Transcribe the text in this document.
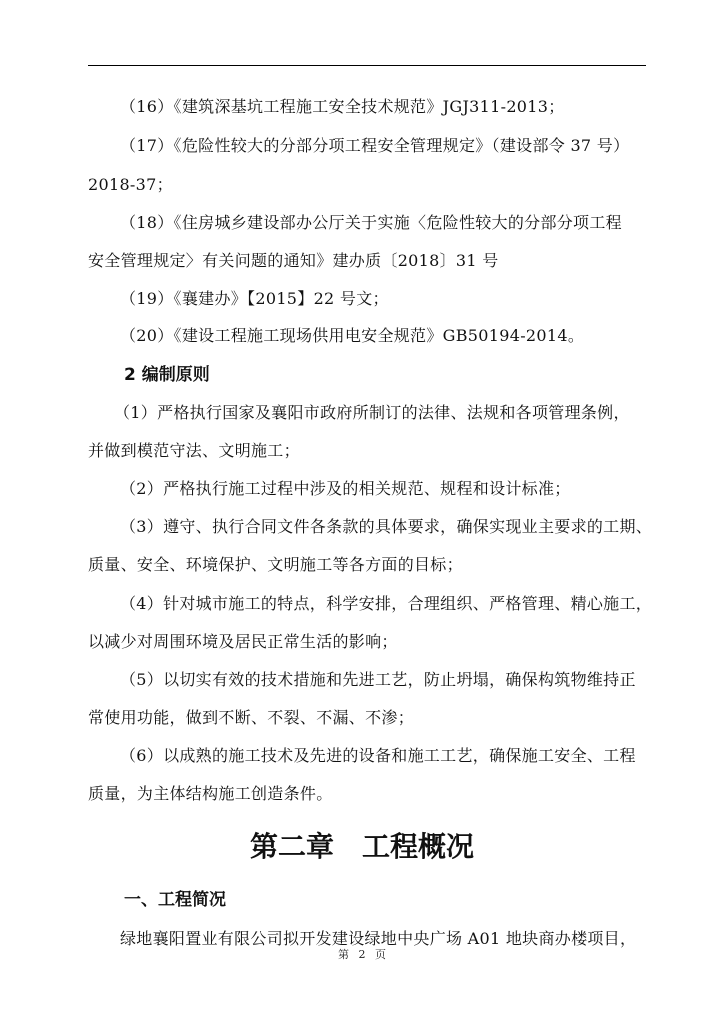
（16）《建筑深基坑工程施工安全技术规范》JGJ311-2013；
（17）《危险性较大的分部分项工程安全管理规定》（建设部令 37 号）
2018-37；
（18）《住房城乡建设部办公厅关于实施〈危险性较大的分部分项工程
安全管理规定〉有关问题的通知》建办质〔2018〕31 号
（19）《襄建办》【2015】22 号文；
（20）《建设工程施工现场供用电安全规范》GB50194-2014。
2 编制原则
（1）严格执行国家及襄阳市政府所制订的法律、法规和各项管理条例，
并做到模范守法、文明施工；
（2）严格执行施工过程中涉及的相关规范、规程和设计标准；
（3）遵守、执行合同文件各条款的具体要求，确保实现业主要求的工期、
质量、安全、环境保护、文明施工等各方面的目标；
（4）针对城市施工的特点，科学安排，合理组织、严格管理、精心施工，
以减少对周围环境及居民正常生活的影响；
（5）以切实有效的技术措施和先进工艺，防止坍塌，确保构筑物维持正
常使用功能，做到不断、不裂、不漏、不渗；
（6）以成熟的施工技术及先进的设备和施工工艺，确保施工安全、工程
质量，为主体结构施工创造条件。
第二章　工程概况
一、工程简况
绿地襄阳置业有限公司拟开发建设绿地中央广场 A01 地块商办楼项目，
第 2 页
